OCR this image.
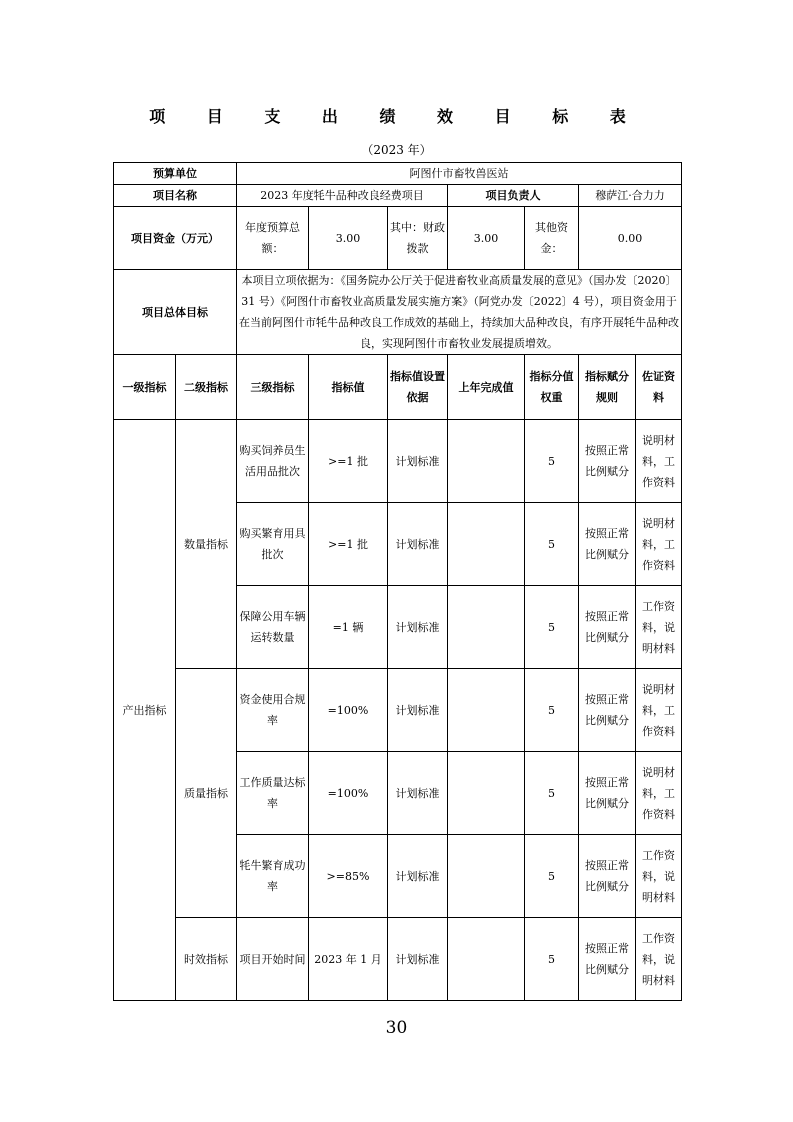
项 目 支 出 绩 效 目 标 表
（2023 年）
预算单位		阿图什市畜牧兽医站						
项目名称		2023 年度牦牛品种改良经费项目			项目负责人		穆萨江·合力力	
项目资金（万元）		年度预算总额：	3.00	其中：财政拨款	3.00	其他资金：	0.00	
项目总体目标		本项目立项依据为：《国务院办公厅关于促进畜牧业高质量发展的意见》（国办发〔2020〕31 号）《阿图什市畜牧业高质量发展实施方案》（阿党办发〔2022〕4 号），项目资金用于在当前阿图什市牦牛品种改良工作成效的基础上，持续加大品种改良，有序开展牦牛品种改良，实现阿图什市畜牧业发展提质增效。						
一级指标	二级指标	三级指标	指标值	指标值设置依据	上年完成值	指标分值权重	指标赋分规则	佐证资料
产出指标	数量指标	购买饲养员生活用品批次	>=1 批	计划标准		5	按照正常比例赋分	说明材料，工作资料
		购买繁育用具批次	>=1 批	计划标准		5	按照正常比例赋分	说明材料，工作资料
		保障公用车辆运转数量	=1 辆	计划标准		5	按照正常比例赋分	工作资料，说明材料
	质量指标	资金使用合规率	=100%	计划标准		5	按照正常比例赋分	说明材料，工作资料
		工作质量达标率	=100%	计划标准		5	按照正常比例赋分	说明材料，工作资料
		牦牛繁育成功率	>=85%	计划标准		5	按照正常比例赋分	工作资料，说明材料
	时效指标	项目开始时间	2023 年 1 月	计划标准		5	按照正常比例赋分	工作资料，说明材料
30
